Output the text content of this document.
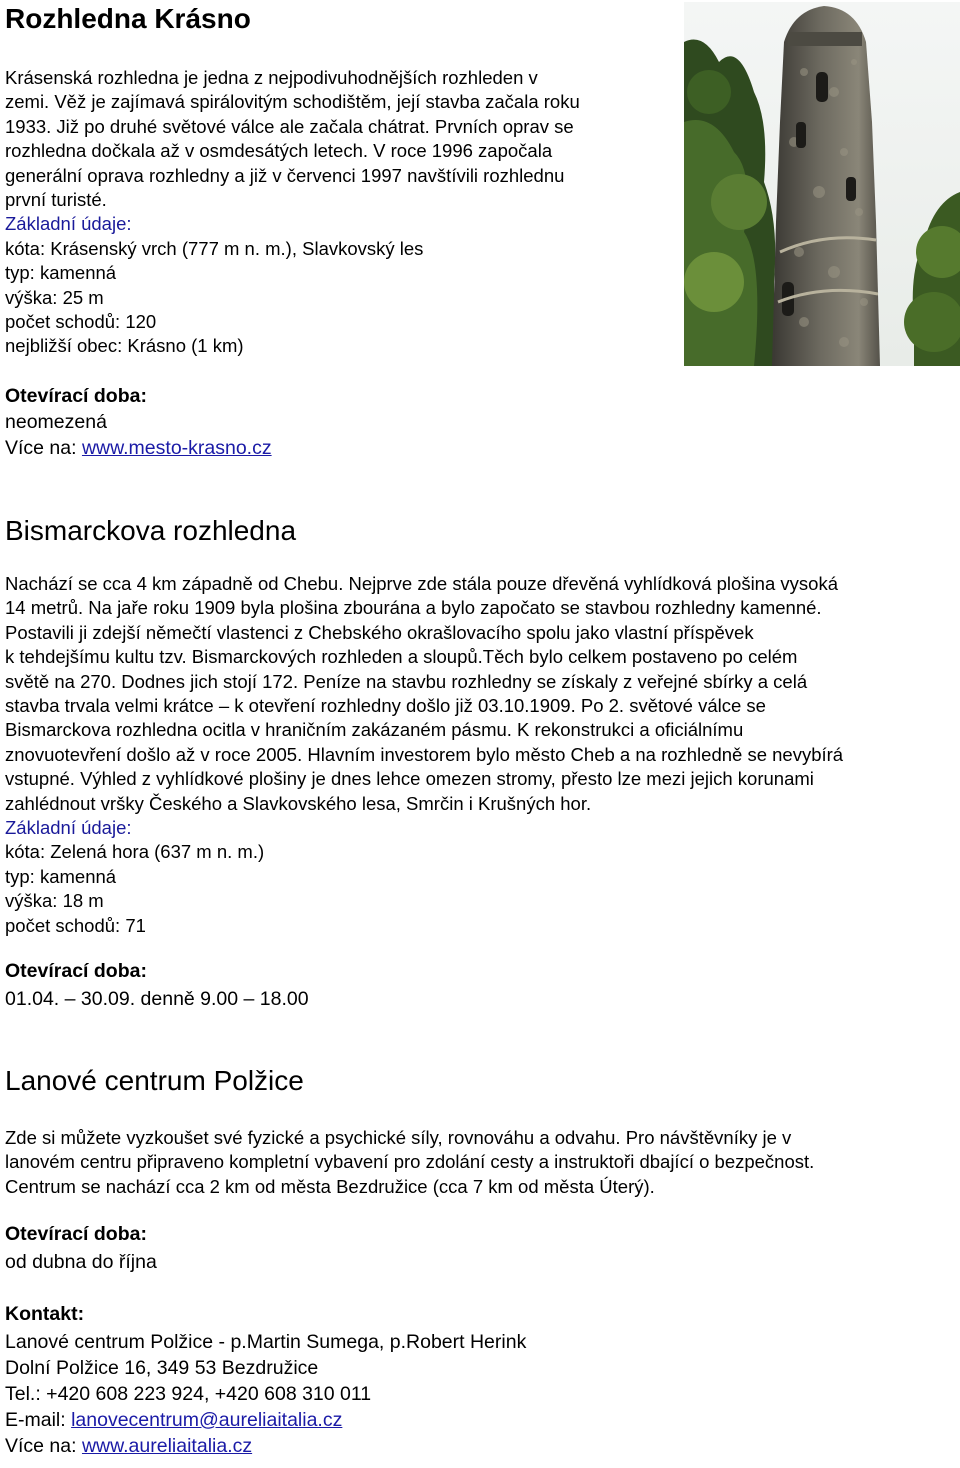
Rozhledna Krásno

Krásenská rozhledna je jedna z nejpodivuhodnějších rozhleden v
zemi. Věž je zajímavá spirálovitým schodištěm, její stavba začala roku
1933. Již po druhé světové válce ale začala chátrat. Prvních oprav se
rozhledna dočkala až v osmdesátých letech. V roce 1996 započala
generální oprava rozhledny a již v červenci 1997 navštívili rozhlednu
první turisté.
Základní údaje:
kóta: Krásenský vrch (777 m n. m.), Slavkovský les
typ: kamenná
výška: 25 m
počet schodů: 120
nejbližší obec: Krásno (1 km)

Otevírací doba:
neomezená
Více na: www.mesto-krasno.cz
Bismarckova rozhledna

Nachází se cca 4 km západně od Chebu. Nejprve zde stála pouze dřevěná vyhlídková plošina vysoká
14 metrů. Na jaře roku 1909 byla plošina zbourána a bylo započato se stavbou rozhledny kamenné.
Postavili ji zdejší němečtí vlastenci z Chebského okrašlovacího spolu jako vlastní příspěvek
k tehdejšímu kultu tzv. Bismarckových rozhleden a sloupů.Těch bylo celkem postaveno po celém
světě na 270. Dodnes jich stojí 172. Peníze na stavbu rozhledny se získaly z veřejné sbírky a celá
stavba trvala velmi krátce – k otevření rozhledny došlo již 03.10.1909. Po 2. světové válce se
Bismarckova rozhledna ocitla v hraničním zakázaném pásmu. K rekonstrukci a oficiálnímu
znovuotevření došlo až v roce 2005. Hlavním investorem bylo město Cheb a na rozhledně se nevybírá
vstupné. Výhled z vyhlídkové plošiny je dnes lehce omezen stromy, přesto lze mezi jejich korunami
zahlédnout vršky Českého a Slavkovského lesa, Smrčin i Krušných hor.
Základní údaje:
kóta: Zelená hora (637 m n. m.)
typ: kamenná
výška: 18 m
počet schodů: 71

Otevírací doba:
01.04. – 30.09. denně 9.00 – 18.00
Lanové centrum Polžice

Zde si můžete vyzkoušet své fyzické a psychické síly, rovnováhu a odvahu. Pro návštěvníky je v
lanovém centru připraveno kompletní vybavení pro zdolání cesty a instruktoři dbající o bezpečnost.
Centrum se nachází cca 2 km od města Bezdružice (cca 7 km od města Úterý).

Otevírací doba:
od dubna do října
Kontakt:
Lanové centrum Polžice - p.Martin Sumega, p.Robert Herink
Dolní Polžice 16, 349 53 Bezdružice
Tel.: +420 608 223 924, +420 608 310 011
E-mail: lanovecentrum@aureliaitalia.cz
Více na: www.aureliaitalia.cz
